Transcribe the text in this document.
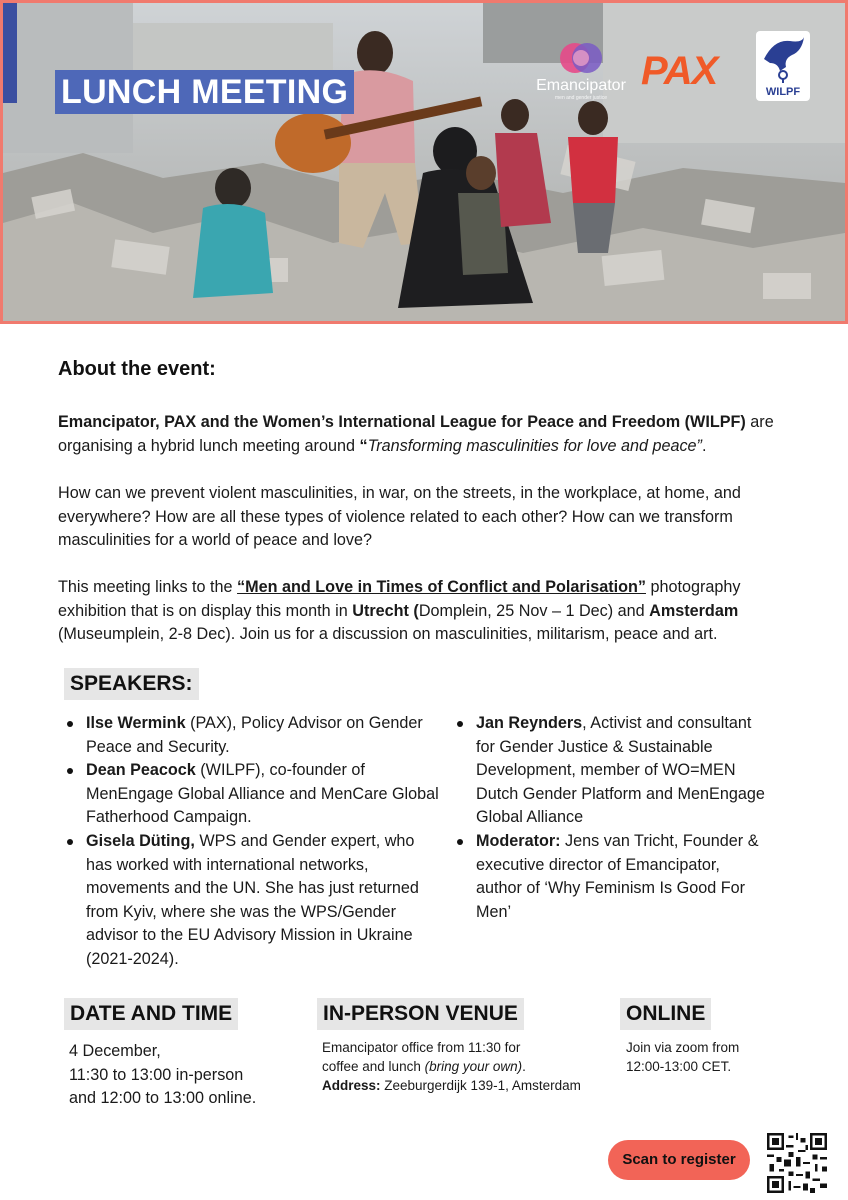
LUNCH MEETING	Emancipator
men and gender justice
PAX	WILPF
About the event:

Emancipator, PAX and the Women’s International League for Peace and Freedom (WILPF) are organising a hybrid lunch meeting around “Transforming masculinities for love and peace”.

How can we prevent violent masculinities, in war, on the streets, in the workplace, at home, and everywhere? How are all these types of violence related to each other? How can we transform masculinities for a world of peace and love?

This meeting links to the “Men and Love in Times of Conflict and Polarisation” photography exhibition that is on display this month in Utrecht (Domplein, 25 Nov – 1 Dec) and Amsterdam (Museumplein, 2-8 Dec). Join us for a discussion on masculinities, militarism, peace and art.

SPEAKERS:
Ilse Wermink (PAX), Policy Advisor on Gender Peace and Security.
Dean Peacock (WILPF), co-founder of MenEngage Global Alliance and MenCare Global Fatherhood Campaign.
Gisela Düting, WPS and Gender expert, who has worked with international networks, movements and the UN. She has just returned from Kyiv, where she was the WPS/Gender advisor to the EU Advisory Mission in Ukraine (2021-2024).
Jan Reynders, Activist and consultant for Gender Justice & Sustainable Development, member of WO=MEN Dutch Gender Platform and MenEngage Global Alliance
Moderator: Jens van Tricht, Founder & executive director of Emancipator, author of ‘Why Feminism Is Good For Men’
DATE AND TIME
4 December,
11:30 to 13:00 in-person
and 12:00 to 13:00 online.
IN-PERSON VENUE
Emancipator office from 11:30 for
coffee and lunch (bring your own).
Address: Zeeburgerdijk 139-1, Amsterdam
ONLINE
Join via zoom from
12:00-13:00 CET.
Scan to register
